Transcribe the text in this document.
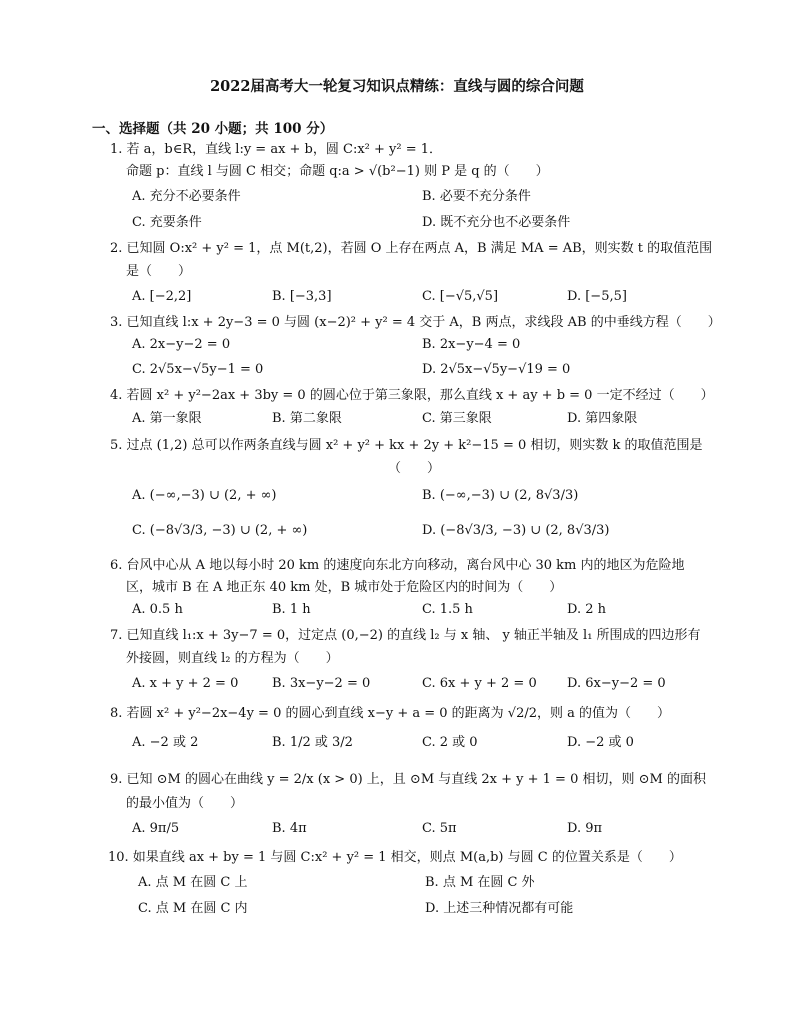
2022届高考大一轮复习知识点精练：直线与圆的综合问题
一、选择题（共 20 小题；共 100 分）
1. 若 a，b∈R，直线 l:y = ax + b，圆 C:x² + y² = 1．
命题 p：直线 l 与圆 C 相交；命题 q:a > √(b²−1) 则 P 是 q 的（　　）
A. 充分不必要条件	B. 必要不充分条件
C. 充要条件	D. 既不充分也不必要条件
2. 已知圆 O:x² + y² = 1，点 M(t,2)，若圆 O 上存在两点 A，B 满足 MA = AB，则实数 t 的取值范围
是（　　）
A. [−2,2]	B. [−3,3]	C. [−√5,√5]	D. [−5,5]
3. 已知直线 l:x + 2y−3 = 0 与圆 (x−2)² + y² = 4 交于 A，B 两点，求线段 AB 的中垂线方程（　　）
A. 2x−y−2 = 0	B. 2x−y−4 = 0
C. 2√5x−√5y−1 = 0	D. 2√5x−√5y−√19 = 0
4. 若圆 x² + y²−2ax + 3by = 0 的圆心位于第三象限，那么直线 x + ay + b = 0 一定不经过（　　）
A. 第一象限	B. 第二象限	C. 第三象限	D. 第四象限
5. 过点 (1,2) 总可以作两条直线与圆 x² + y² + kx + 2y + k²−15 = 0 相切，则实数 k 的取值范围是
（　　）
A. (−∞,−3) ∪ (2, + ∞)	B. (−∞,−3) ∪ (2, 8√3/3)
C. (−8√3/3, −3) ∪ (2, + ∞)	D. (−8√3/3, −3) ∪ (2, 8√3/3)
6. 台风中心从 A 地以每小时 20 km 的速度向东北方向移动，离台风中心 30 km 内的地区为危险地
区，城市 B 在 A 地正东 40 km 处，B 城市处于危险区内的时间为（　　）
A. 0.5 h	B. 1 h	C. 1.5 h	D. 2 h
7. 已知直线 l₁:x + 3y−7 = 0，过定点 (0,−2) 的直线 l₂ 与 x 轴、 y 轴正半轴及 l₁ 所围成的四边形有
外接圆，则直线 l₂ 的方程为（　　）
A. x + y + 2 = 0	B. 3x−y−2 = 0	C. 6x + y + 2 = 0 D. 6x−y−2 = 0
8. 若圆 x² + y²−2x−4y = 0 的圆心到直线 x−y + a = 0 的距离为 √2/2，则 a 的值为（　　）
A. −2 或 2	B. 1/2 或 3/2	C. 2 或 0	D. −2 或 0
9. 已知 ⊙M 的圆心在曲线 y = 2/x (x > 0) 上，且 ⊙M 与直线 2x + y + 1 = 0 相切，则 ⊙M 的面积
的最小值为（　　）
A. 9π/5	B. 4π	C. 5π	D. 9π
10. 如果直线 ax + by = 1 与圆 C:x² + y² = 1 相交，则点 M(a,b) 与圆 C 的位置关系是（　　）
A. 点 M 在圆 C 上	B. 点 M 在圆 C 外
C. 点 M 在圆 C 内	D. 上述三种情况都有可能
